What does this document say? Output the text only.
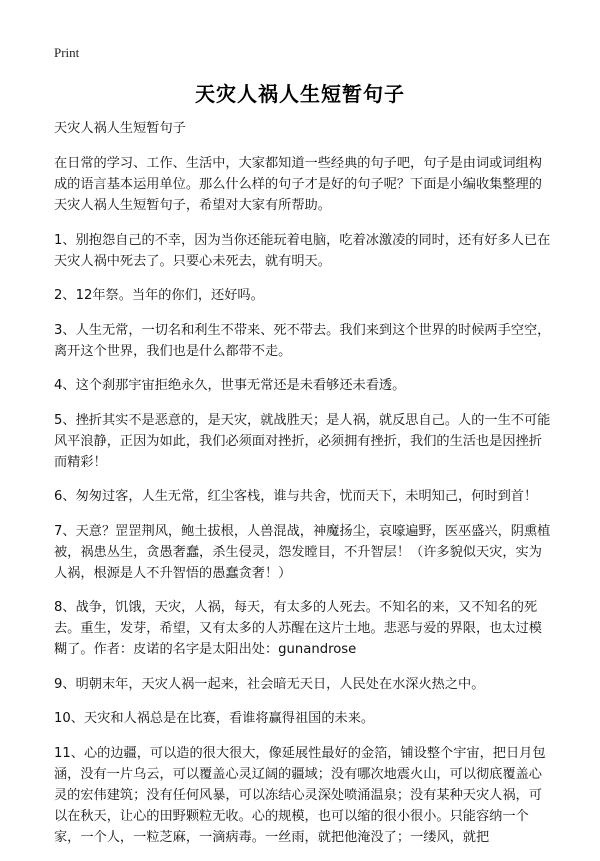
Print
天灾人祸人生短暂句子

天灾人祸人生短暂句子

在日常的学习、工作、生活中，大家都知道一些经典的句子吧，句子是由词或词组构成的语言基本运用单位。那么什么样的句子才是好的句子呢？下面是小编收集整理的天灾人祸人生短暂句子，希望对大家有所帮助。

1、别抱怨自己的不幸，因为当你还能玩着电脑，吃着冰激凌的同时，还有好多人已在天灾人祸中死去了。只要心未死去，就有明天。

2、12年祭。当年的你们，还好吗。

3、人生无常，一切名和利生不带来、死不带去。我们来到这个世界的时候两手空空，离开这个世界，我们也是什么都带不走。

4、这个刹那宇宙拒绝永久，世事无常还是未看够还未看透。

5、挫折其实不是恶意的，是天灾，就战胜天；是人祸，就反思自己。人的一生不可能风平浪静，正因为如此，我们必须面对挫折，必须拥有挫折，我们的生活也是因挫折而精彩！

6、匆匆过客，人生无常，红尘客栈，谁与共舍，忧而天下，未明知己，何时到首！

7、天意？罡罡荆风，鲍土拔根，人兽混战，神魔扬尘，哀嚎遍野，医巫盛兴，阴熏植被，祸患丛生，贪愚奢蠢，杀生侵灵，怨发瞠目，不升智层！（许多貌似天灾，实为人祸，根源是人不升智悟的愚蠢贪奢！）

8、战争，饥饿，天灾，人祸，每天，有太多的人死去。不知名的来，又不知名的死去。重生，发芽，希望，又有太多的人苏醒在这片土地。悲恶与爱的界限，也太过模糊了。作者：皮诺的名字是太阳出处：gunandrose

9、明朝末年，天灾人祸一起来，社会暗无天日，人民处在水深火热之中。

10、天灾和人祸总是在比赛，看谁将赢得祖国的未来。

11、心的边疆，可以造的很大很大，像延展性最好的金箔，铺设整个宇宙，把日月包涵，没有一片乌云，可以覆盖心灵辽阔的疆域；没有哪次地震火山，可以彻底覆盖心灵的宏伟建筑；没有任何风暴，可以冻结心灵深处喷涌温泉；没有某种天灾人祸，可以在秋天，让心的田野颗粒无收。心的规模，也可以缩的很小很小。只能容纳一个家，一个人，一粒芝麻，一滴病毒。一丝雨，就把他淹没了；一缕风，就把
